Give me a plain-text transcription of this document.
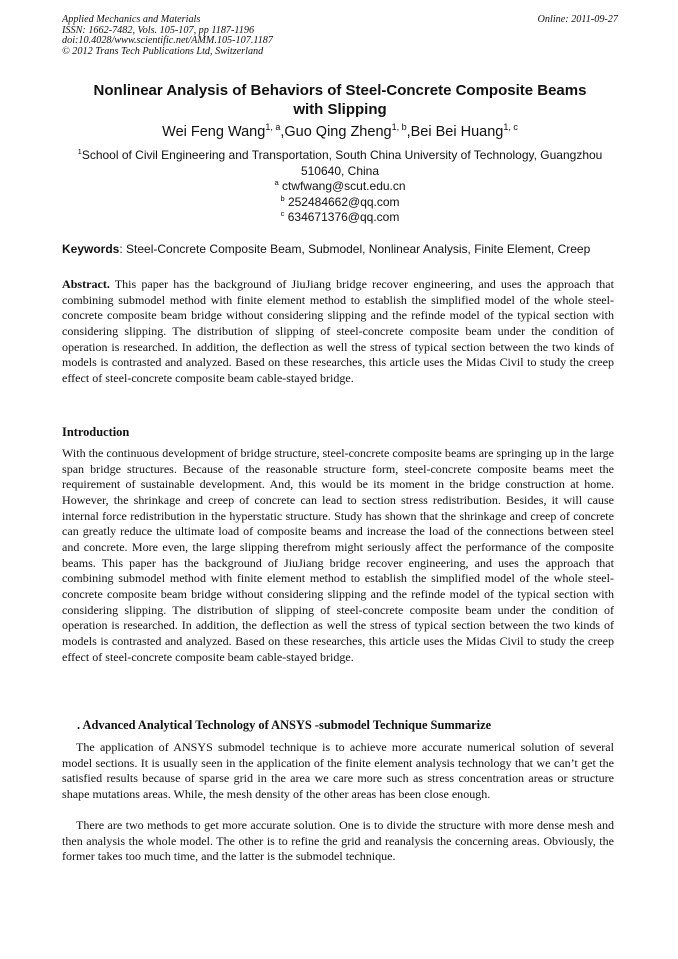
Applied Mechanics and Materials
ISSN: 1662-7482, Vols. 105-107, pp 1187-1196
doi:10.4028/www.scientific.net/AMM.105-107.1187
© 2012 Trans Tech Publications Ltd, Switzerland
Online: 2011-09-27
Nonlinear Analysis of Behaviors of Steel-Concrete Composite Beams
with Slipping
Wei Feng Wang$^{1, a}$,Guo Qing Zheng$^{1, b}$,Bei Bei Huang$^{1, c}$
$^1$School of Civil Engineering and Transportation, South China University of Technology, Guangzhou
510640, China
$^a$ ctwfwang@scut.edu.cn
$^b$ 252484662@qq.com
$^c$ 634671376@qq.com
Keywords: Steel-Concrete Composite Beam, Submodel, Nonlinear Analysis, Finite Element, Creep
Abstract. This paper has the background of JiuJiang bridge recover engineering, and uses the approach that combining submodel method with finite element method to establish the simplified model of the whole steel-concrete composite beam bridge without considering slipping and the refinde model of the typical section with considering slipping. The distribution of slipping of steel-concrete composite beam under the condition of operation is researched. In addition, the deflection as well the stress of typical section between the two kinds of models is contrasted and analyzed. Based on these researches, this article uses the Midas Civil to study the creep effect of steel-concrete composite beam cable-stayed bridge.
Introduction
With the continuous development of bridge structure, steel-concrete composite beams are springing up in the large span bridge structures. Because of the reasonable structure form, steel-concrete composite beams meet the requirement of sustainable development. And, this would be its moment in the bridge construction at home. However, the shrinkage and creep of concrete can lead to section stress redistribution. Besides, it will cause internal force redistribution in the hyperstatic structure. Study has shown that the shrinkage and creep of concrete can greatly reduce the ultimate load of composite beams and increase the load of the connections between steel and concrete. More even, the large slipping therefrom might seriously affect the performance of the composite beams. This paper has the background of JiuJiang bridge recover engineering, and uses the approach that combining submodel method with finite element method to establish the simplified model of the whole steel-concrete composite beam bridge without considering slipping and the refinde model of the typical section with considering slipping. The distribution of slipping of steel-concrete composite beam under the condition of operation is researched. In addition, the deflection as well the stress of typical section between the two kinds of models is contrasted and analyzed. Based on these researches, this article uses the Midas Civil to study the creep effect of steel-concrete composite beam cable-stayed bridge.
. Advanced Analytical Technology of ANSYS -submodel Technique Summarize
The application of ANSYS submodel technique is to achieve more accurate numerical solution of several model sections. It is usually seen in the application of the finite element analysis technology that we can’t get the satisfied results because of sparse grid in the area we care more such as stress concentration areas or structure shape mutations areas. While, the mesh density of the other areas has been close enough.
There are two methods to get more accurate solution. One is to divide the structure with more dense mesh and then analysis the whole model. The other is to refine the grid and reanalysis the concerning areas. Obviously, the former takes too much time, and the latter is the submodel technique.
